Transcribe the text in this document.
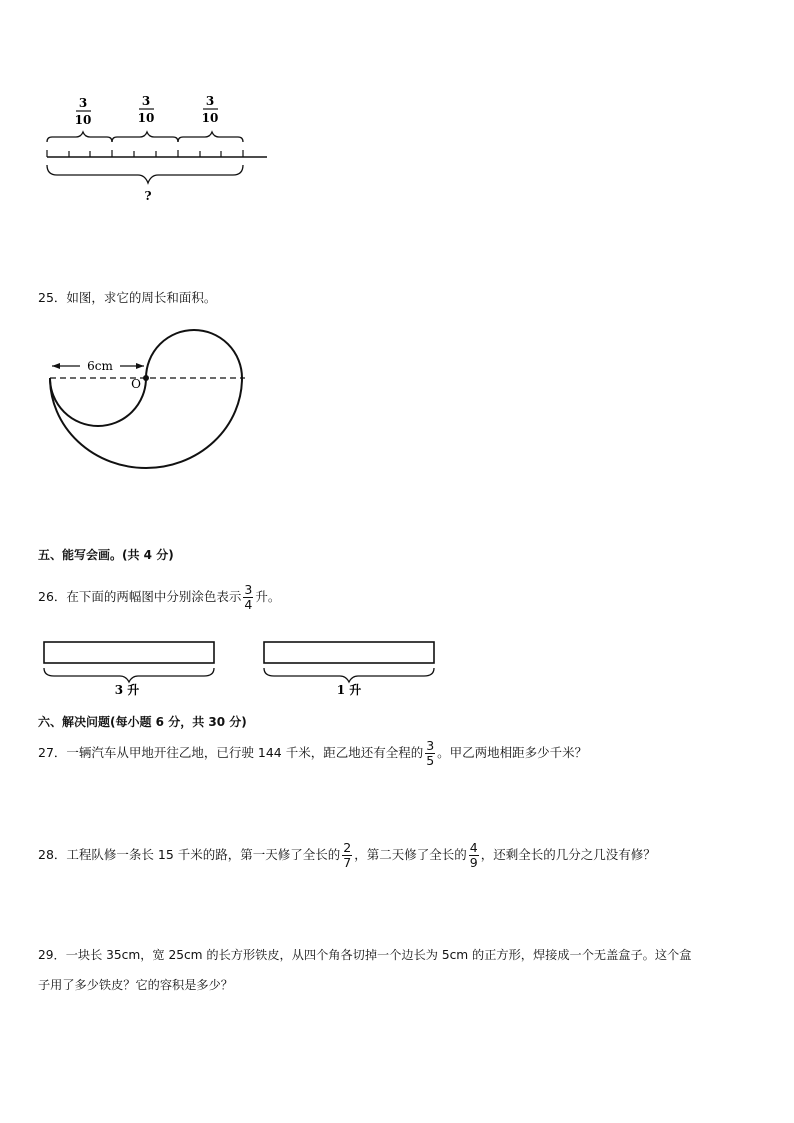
3
10
3
10
3
10
?
25．如图，求它的周长和面积。
6cm
O
五、能写会画。(共 4 分)
26．在下面的两幅图中分别涂色表示 $\frac{3}{4}$ 升。
3 升	1 升
六、解决问题(每小题 6 分，共 30 分)
27．一辆汽车从甲地开往乙地，已行驶 144 千米，距乙地还有全程的 $\frac{3}{5}$ 。甲乙两地相距多少千米？
28．工程队修一条长 15 千米的路，第一天修了全长的 $\frac{2}{7}$ ，第二天修了全长的 $\frac{4}{9}$ ，还剩全长的几分之几没有修？
29．一块长 35cm，宽 25cm 的长方形铁皮，从四个角各切掉一个边长为 5cm 的正方形，焊接成一个无盖盒子。这个盒
子用了多少铁皮？它的容积是多少？
